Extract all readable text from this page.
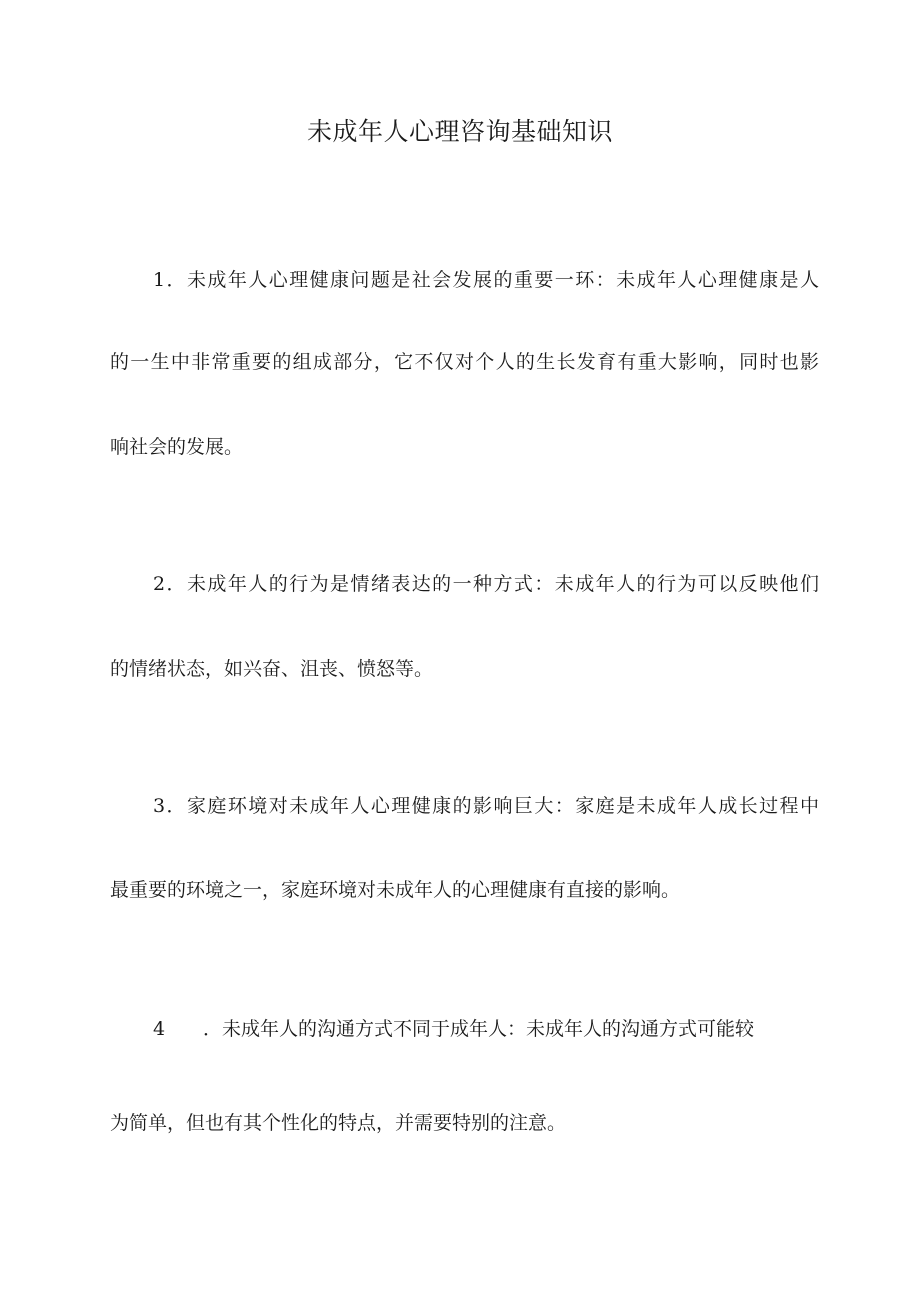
未成年人心理咨询基础知识

1．未成年人心理健康问题是社会发展的重要一环：未成年人心理健康是人

的一生中非常重要的组成部分，它不仅对个人的生长发育有重大影响，同时也影

响社会的发展。

2．未成年人的行为是情绪表达的一种方式：未成年人的行为可以反映他们

的情绪状态，如兴奋、沮丧、愤怒等。

3．家庭环境对未成年人心理健康的影响巨大：家庭是未成年人成长过程中

最重要的环境之一，家庭环境对未成年人的心理健康有直接的影响。

4 ．未成年人的沟通方式不同于成年人：未成年人的沟通方式可能较

为简单，但也有其个性化的特点，并需要特别的注意。
